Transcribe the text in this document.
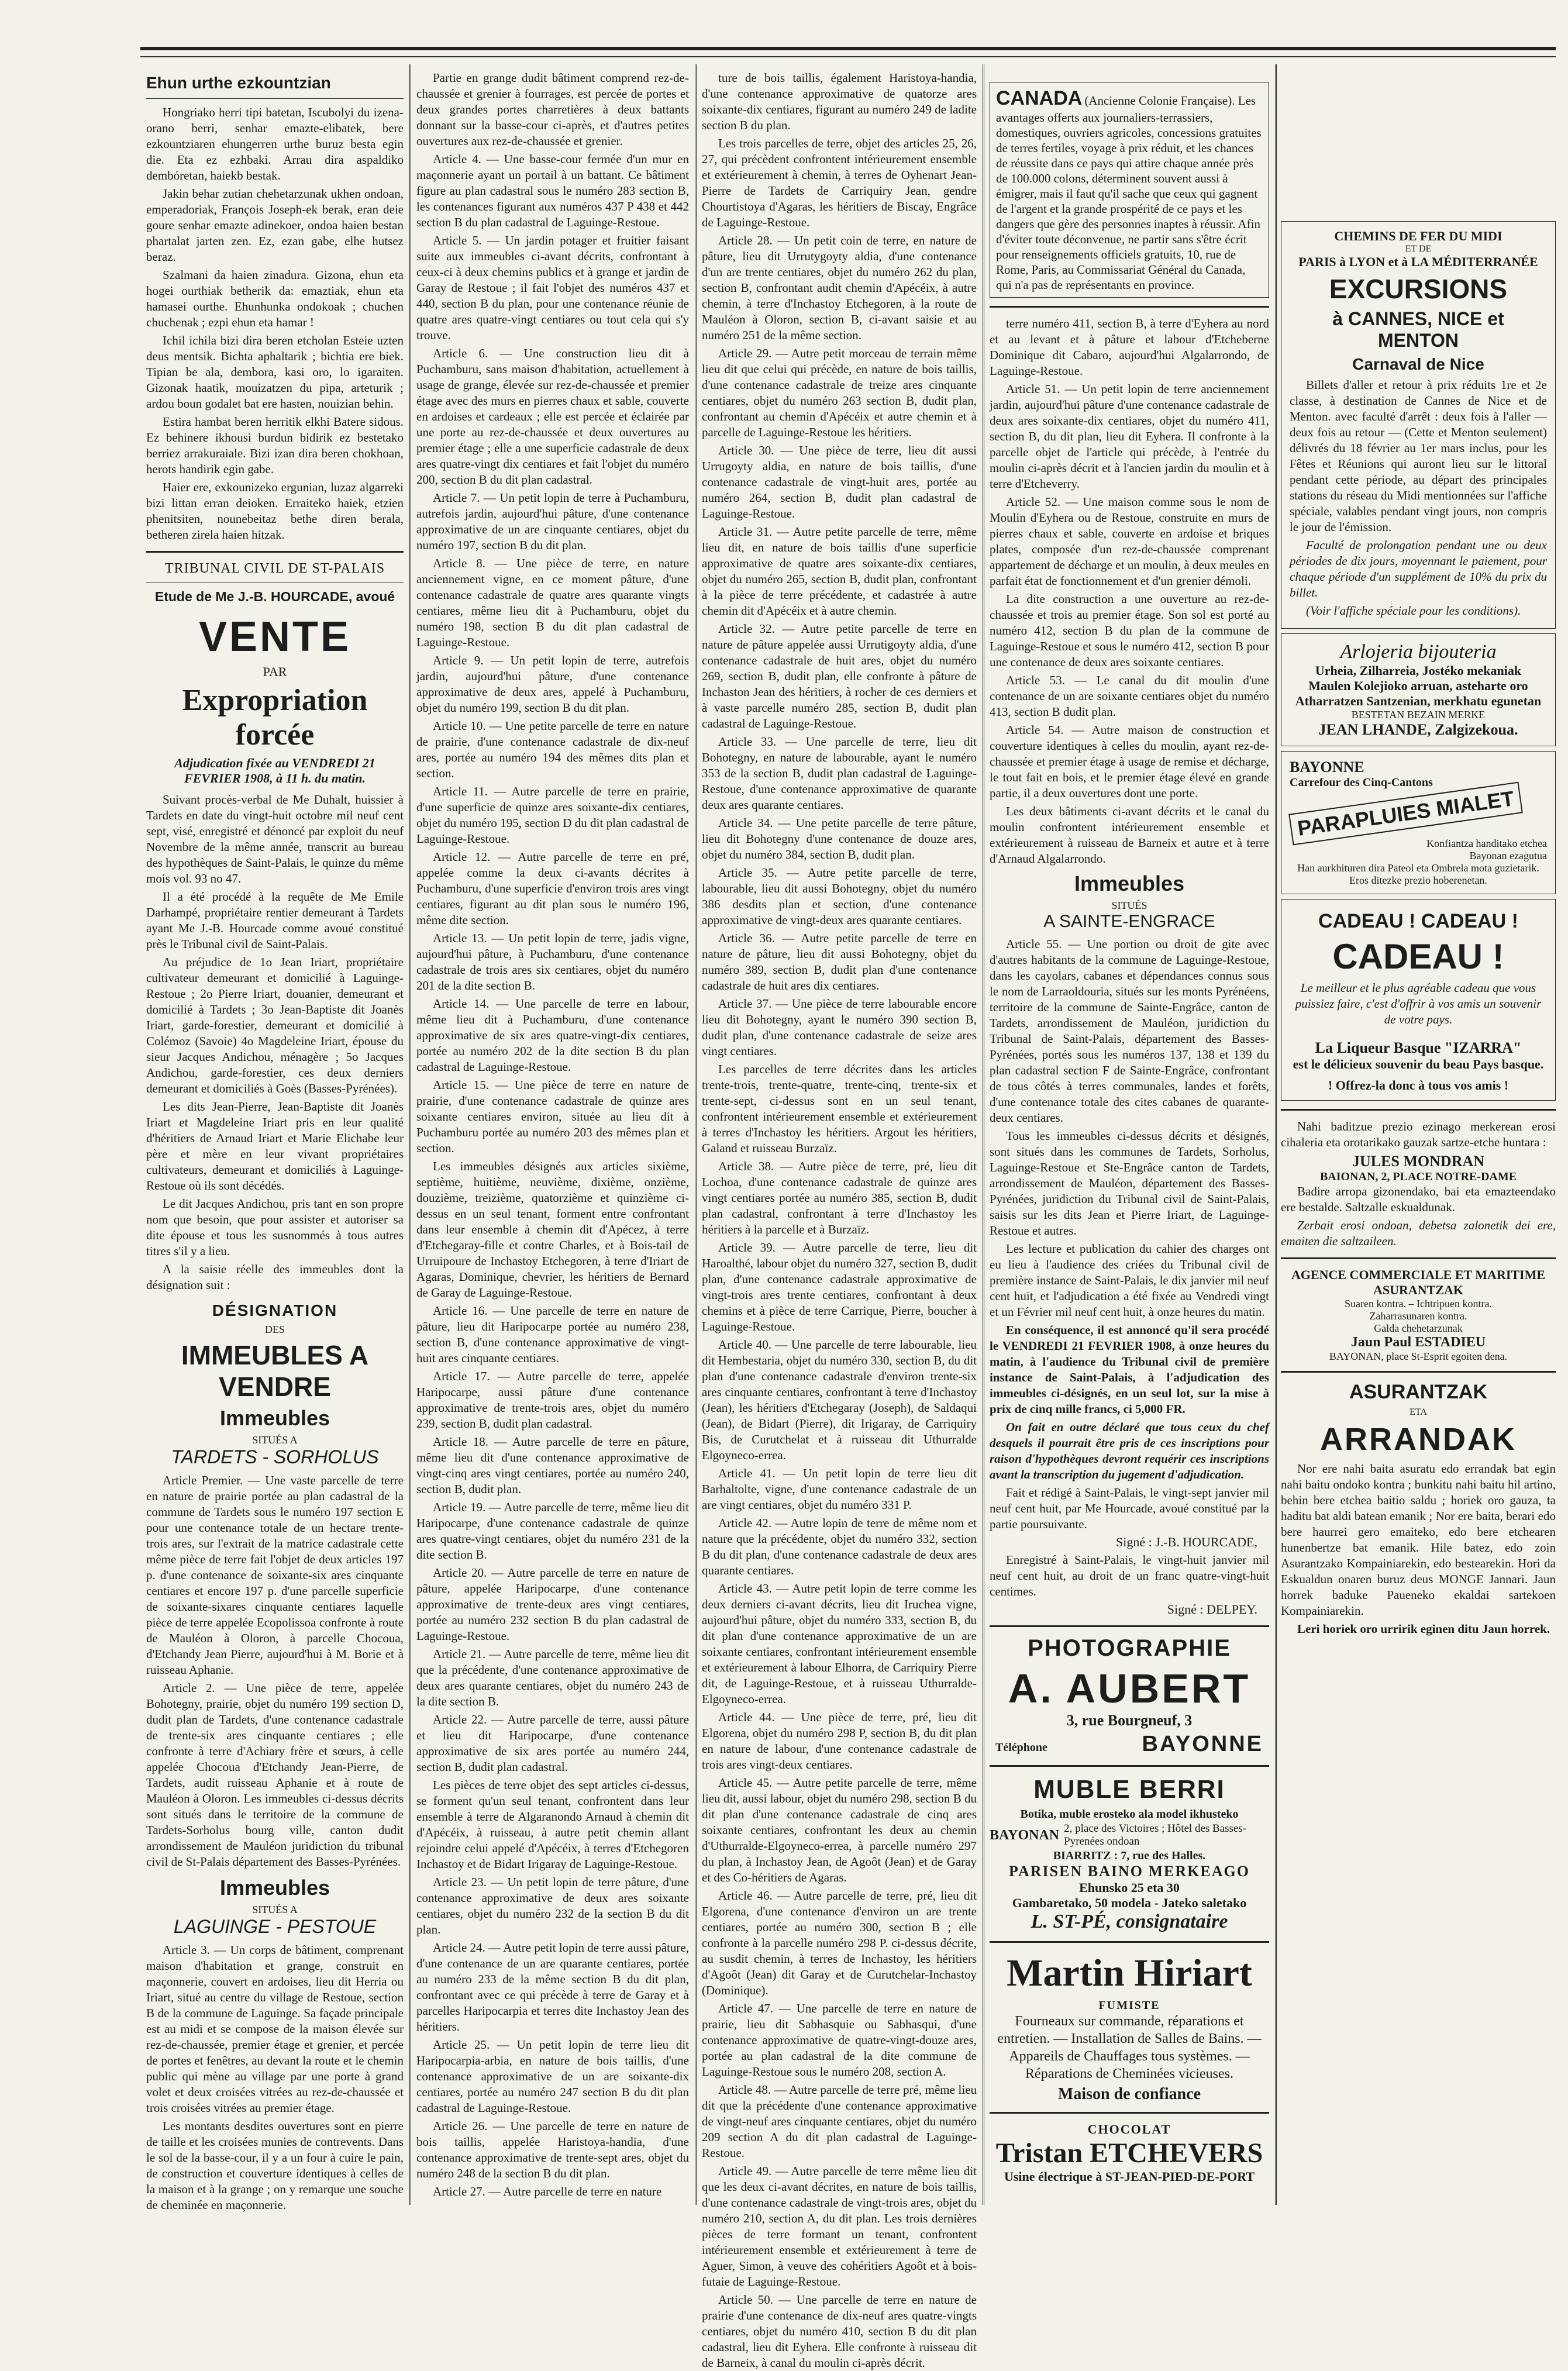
Ehun urthe ezkountzian

Hongriako herri tipi batetan, Iscubolyi du izena-orano berri, senhar emazte-elibatek, bere ezkountziaren ehungerren urthe buruz besta egin die. Eta ez ezhbaki. Arrau dira aspaldiko dembóretan, haiekb bestak.

Jakin behar zutian chehetarzunak ukhen ondoan, emperadoriak, François Joseph-ek berak, eran deie goure senhar emazte adinekoer, ondoa haien bestan phartalat jarten zen. Ez, ezan gabe, elhe hutsez beraz.

Szalmani da haien zinadura. Gizona, ehun eta hogei ourthiak betherik da: emaztiak, ehun eta hamasei ourthe. Ehunhunka ondokoak ; chuchen chuchenak ; ezpi ehun eta hamar !

Ichil ichila bizi dira beren etcholan Esteie uzten deus mentsik. Bichta aphaltarik ; bichtia ere biek. Tipian be ala, dembora, kasi oro, lo igaraiten. Gizonak haatik, mouizatzen du pipa, arteturik ; ardou boun godalet bat ere hasten, nouizian behin.

Estira hambat beren herritik elkhi Batere sidous. Ez behinere ikhousi burdun bidirik ez bestetako berriez arrakuraiale. Bizi izan dira beren chokhoan, herots handirik egin gabe.

Haier ere, exkounizeko ergunian, luzaz algarreki bizi littan erran deioken. Erraiteko haiek, etzien phenitsiten, nounebeitaz bethe diren berala, betheren zirela haien hitzak.

TRIBUNAL CIVIL DE ST-PALAIS
Etude de Me J.-B. HOURCADE, avoué
VENTE
PAR
Expropriation forcée
Adjudication fixée au VENDREDI 21 FEVRIER 1908, à 11 h. du matin.

Suivant procès-verbal de Me Duhalt, huissier à Tardets en date du vingt-huit octobre mil neuf cent sept, visé, enregistré et dénoncé par exploit du neuf Novembre de la même année, transcrit au bureau des hypothèques de Saint-Palais, le quinze du même mois vol. 93 no 47.

Il a été procédé à la requête de Me Emile Darhampé, propriétaire rentier demeurant à Tardets ayant Me J.-B. Hourcade comme avoué constitué près le Tribunal civil de Saint-Palais.

Au préjudice de 1o Jean Iriart, propriétaire cultivateur demeurant et domicilié à Laguinge-Restoue ; 2o Pierre Iriart, douanier, demeurant et domicilié à Tardets ; 3o Jean-Baptiste dit Joanès Iriart, garde-forestier, demeurant et domicilié à Colémoz (Savoie) 4o Magdeleine Iriart, épouse du sieur Jacques Andichou, ménagère ; 5o Jacques Andichou, garde-forestier, ces deux derniers demeurant et domiciliés à Goès (Basses-Pyrénées).

Les dits Jean-Pierre, Jean-Baptiste dit Joanès Iriart et Magdeleine Iriart pris en leur qualité d'héritiers de Arnaud Iriart et Marie Elichabe leur père et mère en leur vivant propriétaires cultivateurs, demeurant et domiciliés à Laguinge-Restoue où ils sont décédés.

Le dit Jacques Andichou, pris tant en son propre nom que besoin, que pour assister et autoriser sa dite épouse et tous les susnommés à tous autres titres s'il y a lieu.

A la saisie réelle des immeubles dont la désignation suit :

DÉSIGNATION
DES
IMMEUBLES A VENDRE
Immeubles
SITUÉS A
TARDETS - SORHOLUS

Article Premier. — Une vaste parcelle de terre en nature de prairie portée au plan cadastral de la commune de Tardets sous le numéro 197 section E pour une contenance totale de un hectare trente-trois ares, sur l'extrait de la matrice cadastrale cette même pièce de terre fait l'objet de deux articles 197 p. d'une contenance de soixante-six ares cinquante centiares et encore 197 p. d'une parcelle superficie de soixante-sixares cinquante centiares laquelle pièce de terre appelée Ecopolissoa confronte à route de Mauléon à Oloron, à parcelle Chocoua, d'Etchandy Jean Pierre, aujourd'hui à M. Borie et à ruisseau Aphanie.

Article 2. — Une pièce de terre, appelée Bohotegny, prairie, objet du numéro 199 section D, dudit plan de Tardets, d'une contenance cadastrale de trente-six ares cinquante centiares ; elle confronte à terre d'Achiary frère et sœurs, à celle appelée Chocoua d'Etchandy Jean-Pierre, de Tardets, audit ruisseau Aphanie et à route de Mauléon à Oloron. Les immeubles ci-dessus décrits sont situés dans le territoire de la commune de Tardets-Sorholus bourg ville, canton dudit arrondissement de Mauléon juridiction du tribunal civil de St-Palais département des Basses-Pyrénées.

Immeubles
SITUÉS A
LAGUINGE - PESTOUE

Article 3. — Un corps de bâtiment, comprenant maison d'habitation et grange, construit en maçonnerie, couvert en ardoises, lieu dit Herria ou Iriart, situé au centre du village de Restoue, section B de la commune de Laguinge. Sa façade principale est au midi et se compose de la maison élevée sur rez-de-chaussée, premier étage et grenier, et percée de portes et fenêtres, au devant la route et le chemin public qui mène au village par une porte à grand volet et deux croisées vitrées au rez-de-chaussée et trois croisées vitrées au premier étage.

Les montants desdites ouvertures sont en pierre de taille et les croisées munies de contrevents. Dans le sol de la basse-cour, il y a un four à cuire le pain, de construction et couverture identiques à celles de la maison et à la grange ; on y remarque une souche de cheminée en maçonnerie.

Partie en grange dudit bâtiment comprend rez-de-chaussée et grenier à fourrages, est percée de portes et deux grandes portes charretières à deux battants donnant sur la basse-cour ci-après, et d'autres petites ouvertures aux rez-de-chaussée et grenier.

Article 4. — Une basse-cour fermée d'un mur en maçonnerie ayant un portail à un battant. Ce bâtiment figure au plan cadastral sous le numéro 283 section B, les contenances figurant aux numéros 437 P 438 et 442 section B du plan cadastral de Laguinge-Restoue.

Article 5. — Un jardin potager et fruitier faisant suite aux immeubles ci-avant décrits, confrontant à ceux-ci à deux chemins publics et à grange et jardin de Garay de Restoue ; il fait l'objet des numéros 437 et 440, section B du plan, pour une contenance réunie de quatre ares quatre-vingt centiares ou tout cela qui s'y trouve.

Article 6. — Une construction lieu dit à Puchamburu, sans maison d'habitation, actuellement à usage de grange, élevée sur rez-de-chaussée et premier étage avec des murs en pierres chaux et sable, couverte en ardoises et cardeaux ; elle est percée et éclairée par une porte au rez-de-chaussée et deux ouvertures au premier étage ; elle a une superficie cadastrale de deux ares quatre-vingt dix centiares et fait l'objet du numéro 200, section B du dit plan cadastral.

Article 7. — Un petit lopin de terre à Puchamburu, autrefois jardin, aujourd'hui pâture, d'une contenance approximative de un are cinquante centiares, objet du numéro 197, section B du dit plan.

Article 8. — Une pièce de terre, en nature anciennement vigne, en ce moment pâture, d'une contenance cadastrale de quatre ares quarante vingts centiares, même lieu dit à Puchamburu, objet du numéro 198, section B du dit plan cadastral de Laguinge-Restoue.

Article 9. — Un petit lopin de terre, autrefois jardin, aujourd'hui pâture, d'une contenance approximative de deux ares, appelé à Puchamburu, objet du numéro 199, section B du dit plan.

Article 10. — Une petite parcelle de terre en nature de prairie, d'une contenance cadastrale de dix-neuf ares, portée au numéro 194 des mêmes dits plan et section.

Article 11. — Autre parcelle de terre en prairie, d'une superficie de quinze ares soixante-dix centiares, objet du numéro 195, section D du dit plan cadastral de Laguinge-Restoue.

Article 12. — Autre parcelle de terre en pré, appelée comme la deux ci-avants décrites à Puchamburu, d'une superficie d'environ trois ares vingt centiares, figurant au dit plan sous le numéro 196, même dite section.

Article 13. — Un petit lopin de terre, jadis vigne, aujourd'hui pâture, à Puchamburu, d'une contenance cadastrale de trois ares six centiares, objet du numéro 201 de la dite section B.

Article 14. — Une parcelle de terre en labour, même lieu dit à Puchamburu, d'une contenance approximative de six ares quatre-vingt-dix centiares, portée au numéro 202 de la dite section B du plan cadastral de Laguinge-Restoue.

Article 15. — Une pièce de terre en nature de prairie, d'une contenance cadastrale de quinze ares soixante centiares environ, située au lieu dit à Puchamburu portée au numéro 203 des mêmes plan et section.

Les immeubles désignés aux articles sixième, septième, huitième, neuvième, dixième, onzième, douzième, treizième, quatorzième et quinzième ci-dessus en un seul tenant, forment entre confrontant dans leur ensemble à chemin dit d'Apécez, à terre d'Etchegaray-fille et contre Charles, et à Bois-tail de Urruipoure de Inchastoy Etchegoren, à terre d'Iriart de Agaras, Dominique, chevrier, les héritiers de Bernard de Garay de Laguinge-Restoue.

Article 16. — Une parcelle de terre en nature de pâture, lieu dit Haripocarpe portée au numéro 238, section B, d'une contenance approximative de vingt-huit ares cinquante centiares.

Article 17. — Autre parcelle de terre, appelée Haripocarpe, aussi pâture d'une contenance approximative de trente-trois ares, objet du numéro 239, section B, dudit plan cadastral.

Article 18. — Autre parcelle de terre en pâture, même lieu dit d'une contenance approximative de vingt-cinq ares vingt centiares, portée au numéro 240, section B, dudit plan.

Article 19. — Autre parcelle de terre, même lieu dit Haripocarpe, d'une contenance cadastrale de quinze ares quatre-vingt centiares, objet du numéro 231 de la dite section B.

Article 20. — Autre parcelle de terre en nature de pâture, appelée Haripocarpe, d'une contenance approximative de trente-deux ares vingt centiares, portée au numéro 232 section B du plan cadastral de Laguinge-Restoue.

Article 21. — Autre parcelle de terre, même lieu dit que la précédente, d'une contenance approximative de deux ares quarante centiares, objet du numéro 243 de la dite section B.

Article 22. — Autre parcelle de terre, aussi pâture et lieu dit Haripocarpe, d'une contenance approximative de six ares portée au numéro 244, section B, dudit plan cadastral.

Les pièces de terre objet des sept articles ci-dessus, se forment qu'un seul tenant, confrontent dans leur ensemble à terre de Algaranondo Arnaud à chemin dit d'Apécéix, à ruisseau, à autre petit chemin allant rejoindre celui appelé d'Apécéix, à terres d'Etchegoren Inchastoy et de Bidart Irigaray de Laguinge-Restoue.

Article 23. — Un petit lopin de terre pâture, d'une contenance approximative de deux ares soixante centiares, objet du numéro 232 de la section B du dit plan.

Article 24. — Autre petit lopin de terre aussi pâture, d'une contenance de un are quarante centiares, portée au numéro 233 de la même section B du dit plan, confrontant avec ce qui précède à terre de Garay et à parcelles Haripocarpia et terres dite Inchastoy Jean des héritiers.

Article 25. — Un petit lopin de terre lieu dit Haripocarpia-arbia, en nature de bois taillis, d'une contenance approximative de un are soixante-dix centiares, portée au numéro 247 section B du dit plan cadastral de Laguinge-Restoue.

Article 26. — Une parcelle de terre en nature de bois taillis, appelée Haristoya-handia, d'une contenance approximative de trente-sept ares, objet du numéro 248 de la section B du dit plan.

Article 27. — Autre parcelle de terre en nature

ture de bois taillis, également Haristoya-handia, d'une contenance approximative de quatorze ares soixante-dix centiares, figurant au numéro 249 de ladite section B du plan.

Les trois parcelles de terre, objet des articles 25, 26, 27, qui précèdent confrontent intérieurement ensemble et extérieurement à chemin, à terres de Oyhenart Jean-Pierre de Tardets de Carriquiry Jean, gendre Chourtistoya d'Agaras, les héritiers de Biscay, Engrâce de Laguinge-Restoue.

Article 28. — Un petit coin de terre, en nature de pâture, lieu dit Urrutygoyty aldia, d'une contenance d'un are trente centiares, objet du numéro 262 du plan, section B, confrontant audit chemin d'Apécéix, à autre chemin, à terre d'Inchastoy Etchegoren, à la route de Mauléon à Oloron, section B, ci-avant saisie et au numéro 251 de la même section.

Article 29. — Autre petit morceau de terrain même lieu dit que celui qui précède, en nature de bois taillis, d'une contenance cadastrale de treize ares cinquante centiares, objet du numéro 263 section B, dudit plan, confrontant au chemin d'Apécéix et autre chemin et à parcelle de Laguinge-Restoue les héritiers.

Article 30. — Une pièce de terre, lieu dit aussi Urrugoyty aldia, en nature de bois taillis, d'une contenance cadastrale de vingt-huit ares, portée au numéro 264, section B, dudit plan cadastral de Laguinge-Restoue.

Article 31. — Autre petite parcelle de terre, même lieu dit, en nature de bois taillis d'une superficie approximative de quatre ares soixante-dix centiares, objet du numéro 265, section B, dudit plan, confrontant à la pièce de terre précédente, et cadastrée à autre chemin dit d'Apécéix et à autre chemin.

Article 32. — Autre petite parcelle de terre en nature de pâture appelée aussi Urrutigoyty aldia, d'une contenance cadastrale de huit ares, objet du numéro 269, section B, dudit plan, elle confronte à pâture de Inchaston Jean des héritiers, à rocher de ces derniers et à vaste parcelle numéro 285, section B, dudit plan cadastral de Laguinge-Restoue.

Article 33. — Une parcelle de terre, lieu dit Bohotegny, en nature de labourable, ayant le numéro 353 de la section B, dudit plan cadastral de Laguinge-Restoue, d'une contenance approximative de quarante deux ares quarante centiares.

Article 34. — Une petite parcelle de terre pâture, lieu dit Bohotegny d'une contenance de douze ares, objet du numéro 384, section B, dudit plan.

Article 35. — Autre petite parcelle de terre, labourable, lieu dit aussi Bohotegny, objet du numéro 386 desdits plan et section, d'une contenance approximative de vingt-deux ares quarante centiares.

Article 36. — Autre petite parcelle de terre en nature de pâture, lieu dit aussi Bohotegny, objet du numéro 389, section B, dudit plan d'une contenance cadastrale de huit ares dix centiares.

Article 37. — Une pièce de terre labourable encore lieu dit Bohotegny, ayant le numéro 390 section B, dudit plan, d'une contenance cadastrale de seize ares vingt centiares.

Les parcelles de terre décrites dans les articles trente-trois, trente-quatre, trente-cinq, trente-six et trente-sept, ci-dessus sont en un seul tenant, confrontent intérieurement ensemble et extérieurement à terres d'Inchastoy les héritiers. Argout les héritiers, Galand et ruisseau Burzaïz.

Article 38. — Autre pièce de terre, pré, lieu dit Lochoa, d'une contenance cadastrale de quinze ares vingt centiares portée au numéro 385, section B, dudit plan cadastral, confrontant à terre d'Inchastoy les héritiers à la parcelle et à Burzaïz.

Article 39. — Autre parcelle de terre, lieu dit Haroalthé, labour objet du numéro 327, section B, dudit plan, d'une contenance cadastrale approximative de vingt-trois ares trente centiares, confrontant à deux chemins et à pièce de terre Carrique, Pierre, boucher à Laguinge-Restoue.

Article 40. — Une parcelle de terre labourable, lieu dit Hembestaria, objet du numéro 330, section B, du dit plan d'une contenance cadastrale d'environ trente-six ares cinquante centiares, confrontant à terre d'Inchastoy (Jean), les héritiers d'Etchegaray (Joseph), de Saldaqui (Jean), de Bidart (Pierre), dit Irigaray, de Carriquiry Bis, de Curutchelat et à ruisseau dit Uthurralde Elgoyneco-errea.

Article 41. — Un petit lopin de terre lieu dit Barhaltolte, vigne, d'une contenance cadastrale de un are vingt centiares, objet du numéro 331 P.

Article 42. — Autre lopin de terre de même nom et nature que la précédente, objet du numéro 332, section B du dit plan, d'une contenance cadastrale de deux ares quarante centiares.

Article 43. — Autre petit lopin de terre comme les deux derniers ci-avant décrits, lieu dit Iruchea vigne, aujourd'hui pâture, objet du numéro 333, section B, du dit plan d'une contenance approximative de un are soixante centiares, confrontant intérieurement ensemble et extérieurement à labour Elhorra, de Carriquiry Pierre dit, de Laguinge-Restoue, et à ruisseau Uthurralde-Elgoyneco-errea.

Article 44. — Une pièce de terre, pré, lieu dit Elgorena, objet du numéro 298 P, section B, du dit plan en nature de labour, d'une contenance cadastrale de trois ares vingt-deux centiares.

Article 45. — Autre petite parcelle de terre, même lieu dit, aussi labour, objet du numéro 298, section B du dit plan d'une contenance cadastrale de cinq ares soixante centiares, confrontant les deux au chemin d'Uthurralde-Elgoyneco-errea, à parcelle numéro 297 du plan, à Inchastoy Jean, de Agoôt (Jean) et de Garay et des Co-héritiers de Agaras.

Article 46. — Autre parcelle de terre, pré, lieu dit Elgorena, d'une contenance d'environ un are trente centiares, portée au numéro 300, section B ; elle confronte à la parcelle numéro 298 P. ci-dessus décrite, au susdit chemin, à terres de Inchastoy, les héritiers d'Agoôt (Jean) dit Garay et de Curutchelar-Inchastoy (Dominique).

Article 47. — Une parcelle de terre en nature de prairie, lieu dit Sabhasquie ou Sabhasqui, d'une contenance approximative de quatre-vingt-douze ares, portée au plan cadastral de la dite commune de Laguinge-Restoue sous le numéro 208, section A.

Article 48. — Autre parcelle de terre pré, même lieu dit que la précédente d'une contenance approximative de vingt-neuf ares cinquante centiares, objet du numéro 209 section A du dit plan cadastral de Laguinge-Restoue.

Article 49. — Autre parcelle de terre même lieu dit que les deux ci-avant décrites, en nature de bois taillis, d'une contenance cadastrale de vingt-trois ares, objet du numéro 210, section A, du dit plan. Les trois dernières pièces de terre formant un tenant, confrontent intérieurement ensemble et extérieurement à terre de Aguer, Simon, à veuve des cohéritiers Agoôt et à bois-futaie de Laguinge-Restoue.

Article 50. — Une parcelle de terre en nature de prairie d'une contenance de dix-neuf ares quatre-vingts centiares, objet du numéro 410, section B du dit plan cadastral, lieu dit Eyhera. Elle confronte à ruisseau dit de Barneix, à canal du moulin ci-après décrit.

CANADA (Ancienne Colonie Française). Les avantages offerts aux journaliers-terrassiers, domestiques, ouvriers agricoles, concessions gratuites de terres fertiles, voyage à prix réduit, et les chances de réussite dans ce pays qui attire chaque année près de 100.000 colons, déterminent souvent aussi à émigrer, mais il faut qu'il sache que ceux qui gagnent de l'argent et la grande prospérité de ce pays et les dangers que gère des personnes inaptes à réussir. Afin d'éviter toute déconvenue, ne partir sans s'être écrit pour renseignements officiels gratuits, 10, rue de Rome, Paris, au Commissariat Général du Canada, qui n'a pas de représentants en province.

terre numéro 411, section B, à terre d'Eyhera au nord et au levant et à pâture et labour d'Etcheberne Dominique dit Cabaro, aujourd'hui Algalarrondo, de Laguinge-Restoue.

Article 51. — Un petit lopin de terre anciennement jardin, aujourd'hui pâture d'une contenance cadastrale de deux ares soixante-dix centiares, objet du numéro 411, section B, du dit plan, lieu dit Eyhera. Il confronte à la parcelle objet de l'article qui précède, à l'entrée du moulin ci-après décrit et à l'ancien jardin du moulin et à terre d'Etcheverry.

Article 52. — Une maison comme sous le nom de Moulin d'Eyhera ou de Restoue, construite en murs de pierres chaux et sable, couverte en ardoise et briques plates, composée d'un rez-de-chaussée comprenant appartement de décharge et un moulin, à deux meules en parfait état de fonctionnement et d'un grenier démoli.

La dite construction a une ouverture au rez-de-chaussée et trois au premier étage. Son sol est porté au numéro 412, section B du plan de la commune de Laguinge-Restoue et sous le numéro 412, section B pour une contenance de deux ares soixante centiares.

Article 53. — Le canal du dit moulin d'une contenance de un are soixante centiares objet du numéro 413, section B dudit plan.

Article 54. — Autre maison de construction et couverture identiques à celles du moulin, ayant rez-de-chaussée et premier étage à usage de remise et décharge, le tout fait en bois, et le premier étage élevé en grande partie, il a deux ouvertures dont une porte.

Les deux bâtiments ci-avant décrits et le canal du moulin confrontent intérieurement ensemble et extérieurement à ruisseau de Barneix et autre et à terre d'Arnaud Algalarrondo.

Immeubles
SITUÉS
A SAINTE-ENGRACE

Article 55. — Une portion ou droit de gite avec d'autres habitants de la commune de Laguinge-Restoue, dans les cayolars, cabanes et dépendances connus sous le nom de Larraoldouria, situés sur les monts Pyrénéens, territoire de la commune de Sainte-Engrâce, canton de Tardets, arrondissement de Mauléon, juridiction du Tribunal de Saint-Palais, département des Basses-Pyrénées, portés sous les numéros 137, 138 et 139 du plan cadastral section F de Sainte-Engrâce, confrontant de tous côtés à terres communales, landes et forêts, d'une contenance totale des cites cabanes de quarante-deux centiares.

Tous les immeubles ci-dessus décrits et désignés, sont situés dans les communes de Tardets, Sorholus, Laguinge-Restoue et Ste-Engrâce canton de Tardets, arrondissement de Mauléon, département des Basses-Pyrénées, juridiction du Tribunal civil de Saint-Palais, saisis sur les dits Jean et Pierre Iriart, de Laguinge-Restoue et autres.

Les lecture et publication du cahier des charges ont eu lieu à l'audience des criées du Tribunal civil de première instance de Saint-Palais, le dix janvier mil neuf cent huit, et l'adjudication a été fixée au Vendredi vingt et un Février mil neuf cent huit, à onze heures du matin.

En conséquence, il est annoncé qu'il sera procédé le VENDREDI 21 FEVRIER 1908, à onze heures du matin, à l'audience du Tribunal civil de première instance de Saint-Palais, à l'adjudication des immeubles ci-désignés, en un seul lot, sur la mise à prix de cinq mille francs, ci 5,000 FR.

On fait en outre déclaré que tous ceux du chef desquels il pourrait être pris de ces inscriptions pour raison d'hypothèques devront requérir ces inscriptions avant la transcription du jugement d'adjudication.

Fait et rédigé à Saint-Palais, le vingt-sept janvier mil neuf cent huit, par Me Hourcade, avoué constitué par la partie poursuivante.

Signé : J.-B. HOURCADE,

Enregistré à Saint-Palais, le vingt-huit janvier mil neuf cent huit, au droit de un franc quatre-vingt-huit centimes.

Signé : DELPEY.
PHOTOGRAPHIE
A. AUBERT
3, rue Bourgneuf, 3
Téléphone	BAYONNE
MUBLE BERRI
Botika, muble erosteko ala model ikhusteko
BAYONAN 2, place des Victoires ; Hôtel des Basses-Pyrenées ondoan
BIARRITZ : 7, rue des Halles.
PARISEN BAINO MERKEAGO
Ehunsko 25 eta 30
Gambaretako, 50 modela - Jateko saletako
L. ST-PÉ, consignataire
Martin Hiriart
FUMISTE

Fourneaux sur commande, réparations et entretien. — Installation de Salles de Bains. — Appareils de Chauffages tous systèmes. — Réparations de Cheminées vicieuses.

Maison de confiance
CHOCOLAT
Tristan ETCHEVERS
Usine électrique à ST-JEAN-PIED-DE-PORT
CHEMINS DE FER DU MIDI
ET DE
PARIS à LYON et à LA MÉDITERRANÉE
EXCURSIONS
à CANNES, NICE et MENTON
Carnaval de Nice

Billets d'aller et retour à prix réduits 1re et 2e classe, à destination de Cannes de Nice et de Menton. avec faculté d'arrêt : deux fois à l'aller — deux fois au retour — (Cette et Menton seulement) délivrés du 18 février au 1er mars inclus, pour les Fêtes et Réunions qui auront lieu sur le littoral pendant cette période, au départ des principales stations du réseau du Midi mentionnées sur l'affiche spéciale, valables pendant vingt jours, non compris le jour de l'émission.

Faculté de prolongation pendant une ou deux périodes de dix jours, moyennant le paiement, pour chaque période d'un supplément de 10% du prix du billet.

(Voir l'affiche spéciale pour les conditions).

Arlojeria bijouteria
Urheia, Zilharreia, Jostéko mekaniak
Maulen Kolejioko arruan, asteharte oro Atharratzen Santzenian, merkhatu egunetan
BESTETAN BEZAIN MERKE
JEAN LHANDE, Zalgizekoua.
BAYONNE
Carrefour des Cinq-Cantons
PARAPLUIES MIALET
Konfiantza handitako etchea
Bayonan ezagutua
Han aurkhituren dira Pateol eta Ombrela mota guzietarik.
Eros ditezke prezio hoberenetan.
CADEAU ! CADEAU !
CADEAU !

Le meilleur et le plus agréable cadeau que vous puissiez faire, c'est d'offrir à vos amis un souvenir de votre pays.

La Liqueur Basque "IZARRA"
est le délicieux souvenir du beau Pays basque.
! Offrez-la donc à tous vos amis !

Nahi baditzue prezio ezinago merkerean erosi cihaleria eta orotarikako gauzak sartze-etche huntara :

JULES MONDRAN
BAIONAN, 2, PLACE NOTRE-DAME

Badire arropa gizonendako, bai eta emazteendako ere bestalde. Saltzalle eskualdunak.

Zerbait erosi ondoan, debetsa zalonetik dei ere, emaiten die saltzaileen.

AGENCE COMMERCIALE ET MARITIME
ASURANTZAK
Suaren kontra. – Ichtripuen kontra.
Zaharrasunaren kontra.
Galda chehetarzunak
Jaun Paul ESTADIEU
BAYONAN, place St-Esprit egoiten dena.
ASURANTZAK
ETA
ARRANDAK

Nor ere nahi baita asuratu edo errandak bat egin nahi baitu ondoko kontra ; bunkitu nahi baitu hil artino, behin bere etchea baitio saldu ; horiek oro gauza, ta haditu bat aldi batean emanik ; Nor ere baita, berari edo bere haurrei gero emaiteko, edo bere etchearen hunenbertze bat emanik. Hile batez, edo zoin Asurantzako Kompainiarekin, edo bestearekin. Hori da Eskualdun onaren buruz deus MONGE Jannari. Jaun horrek baduke Paueneko ekaldai sartekoen Kompainiarekin.

Leri horiek oro urririk eginen ditu Jaun horrek.
